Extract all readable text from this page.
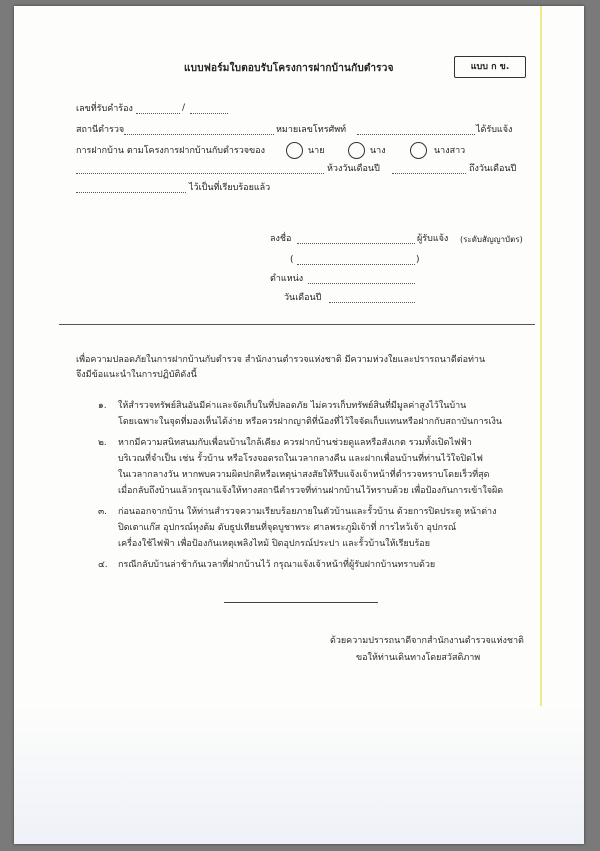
แบบฟอร์มใบตอบรับโครงการฝากบ้านกับตำรวจ	แบบ ก ข.
เลขที่รับคำร้อง	/
สถานีตำรวจ	หมายเลขโทรศัพท์	ได้รับแจ้ง
การฝากบ้าน ตามโครงการฝากบ้านกับตำรวจของ	นาย	นาง	นางสาว
ห้วงวันเดือนปี	ถึงวันเดือนปี
ไว้เป็นที่เรียบร้อยแล้ว
ลงชื่อ	ผู้รับแจ้ง (ระดับสัญญาบัตร)
(	)
ตำแหน่ง
วันเดือนปี
เพื่อความปลอดภัยในการฝากบ้านกับตำรวจ สำนักงานตำรวจแห่งชาติ มีความห่วงใยและปรารถนาดีต่อท่าน
จึงมีข้อแนะนำในการปฏิบัติดังนี้
๑. ให้สำรวจทรัพย์สินอันมีค่าและจัดเก็บในที่ปลอดภัย ไม่ควรเก็บทรัพย์สินที่มีมูลค่าสูงไว้ในบ้าน
โดยเฉพาะในจุดที่มองเห็นได้ง่าย หรือควรฝากญาติที่น้องที่ไว้ใจจัดเก็บแทนหรือฝากกับสถาบันการเงิน
๒. หากมีความสนิทสนมกับเพื่อนบ้านใกล้เคียง ควรฝากบ้านช่วยดูแลหรือสังเกต รวมทั้งเปิดไฟฟ้า
บริเวณที่จำเป็น เช่น รั้วบ้าน หรือโรงจอดรถในเวลากลางคืน และฝากเพื่อนบ้านที่ท่านไว้ใจปิดไฟ
ในเวลากลางวัน หากพบความผิดปกติหรือเหตุน่าสงสัยให้รีบแจ้งเจ้าหน้าที่ตำรวจทราบโดยเร็วที่สุด
เมื่อกลับถึงบ้านแล้วกรุณาแจ้งให้ทางสถานีตำรวจที่ท่านฝากบ้านไว้ทราบด้วย เพื่อป้องกันการเข้าใจผิด
๓. ก่อนออกจากบ้าน ให้ท่านสำรวจความเรียบร้อยภายในตัวบ้านและรั้วบ้าน ด้วยการปิดประตู หน้าต่าง
ปิดเตาแก๊ส อุปกรณ์หุงต้ม ดับธูปเทียนที่จุดบูชาพระ ศาลพระภูมิเจ้าที่ การไหว้เจ้า อุปกรณ์
เครื่องใช้ไฟฟ้า เพื่อป้องกันเหตุเพลิงไหม้ ปิดอุปกรณ์ประปา และรั้วบ้านให้เรียบร้อย
๔. กรณีกลับบ้านล่าช้ากันเวลาที่ฝากบ้านไว้ กรุณาแจ้งเจ้าหน้าที่ผู้รับฝากบ้านทราบด้วย
ด้วยความปรารถนาดีจากสำนักงานตำรวจแห่งชาติ
ขอให้ท่านเดินทางโดยสวัสดิภาพ
